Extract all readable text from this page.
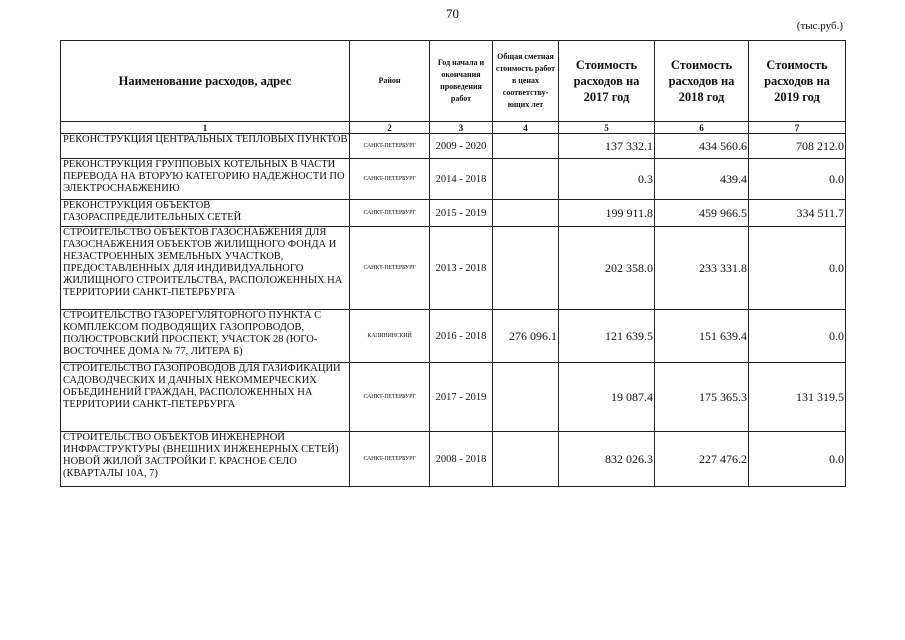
70
(тыс.руб.)
Наименование расходов, адрес	Район	Год начала и окончания проведения работ	Общая сметная стоимость работ в ценах соответству-ющих лет	Стоимость расходов на 2017 год	Стоимость расходов на 2018 год	Стоимость расходов на 2019 год
1	2	3	4	5	6	7
РЕКОНСТРУКЦИЯ ЦЕНТРАЛЬНЫХ ТЕПЛОВЫХ ПУНКТОВ	САНКТ-ПЕТЕРБУРГ	2009 - 2020		137 332.1	434 560.6	708 212.0
РЕКОНСТРУКЦИЯ ГРУППОВЫХ КОТЕЛЬНЫХ В ЧАСТИ ПЕРЕВОДА НА ВТОРУЮ КАТЕГОРИЮ НАДЕЖНОСТИ ПО ЭЛЕКТРОСНАБЖЕНИЮ	САНКТ-ПЕТЕРБУРГ	2014 - 2018		0.3	439.4	0.0
РЕКОНСТРУКЦИЯ ОБЪЕКТОВ ГАЗОРАСПРЕДЕЛИТЕЛЬНЫХ СЕТЕЙ	САНКТ-ПЕТЕРБУРГ	2015 - 2019		199 911.8	459 966.5	334 511.7
СТРОИТЕЛЬСТВО ОБЪЕКТОВ ГАЗОСНАБЖЕНИЯ ДЛЯ ГАЗОСНАБЖЕНИЯ ОБЪЕКТОВ ЖИЛИЩНОГО ФОНДА И НЕЗАСТРОЕННЫХ ЗЕМЕЛЬНЫХ УЧАСТКОВ, ПРЕДОСТАВЛЕННЫХ ДЛЯ ИНДИВИДУАЛЬНОГО ЖИЛИЩНОГО СТРОИТЕЛЬСТВА, РАСПОЛОЖЕННЫХ НА ТЕРРИТОРИИ САНКТ-ПЕТЕРБУРГА	САНКТ-ПЕТЕРБУРГ	2013 - 2018		202 358.0	233 331.8	0.0
СТРОИТЕЛЬСТВО ГАЗОРЕГУЛЯТОРНОГО ПУНКТА С КОМПЛЕКСОМ ПОДВОДЯЩИХ ГАЗОПРОВОДОВ, ПОЛЮСТРОВСКИЙ ПРОСПЕКТ, УЧАСТОК 28 (ЮГО-ВОСТОЧНЕЕ ДОМА № 77, ЛИТЕРА Б)	КАЛИНИНСКИЙ	2016 - 2018	276 096.1	121 639.5	151 639.4	0.0
СТРОИТЕЛЬСТВО ГАЗОПРОВОДОВ ДЛЯ ГАЗИФИКАЦИИ САДОВОДЧЕСКИХ И ДАЧНЫХ НЕКОММЕРЧЕСКИХ ОБЪЕДИНЕНИЙ ГРАЖДАН, РАСПОЛОЖЕННЫХ НА ТЕРРИТОРИИ САНКТ-ПЕТЕРБУРГА	САНКТ-ПЕТЕРБУРГ	2017 - 2019		19 087.4	175 365.3	131 319.5
СТРОИТЕЛЬСТВО ОБЪЕКТОВ ИНЖЕНЕРНОЙ ИНФРАСТРУКТУРЫ (ВНЕШНИХ ИНЖЕНЕРНЫХ СЕТЕЙ) НОВОЙ ЖИЛОЙ ЗАСТРОЙКИ Г. КРАСНОЕ СЕЛО (КВАРТАЛЫ 10А, 7)	САНКТ-ПЕТЕРБУРГ	2008 - 2018		832 026.3	227 476.2	0.0
